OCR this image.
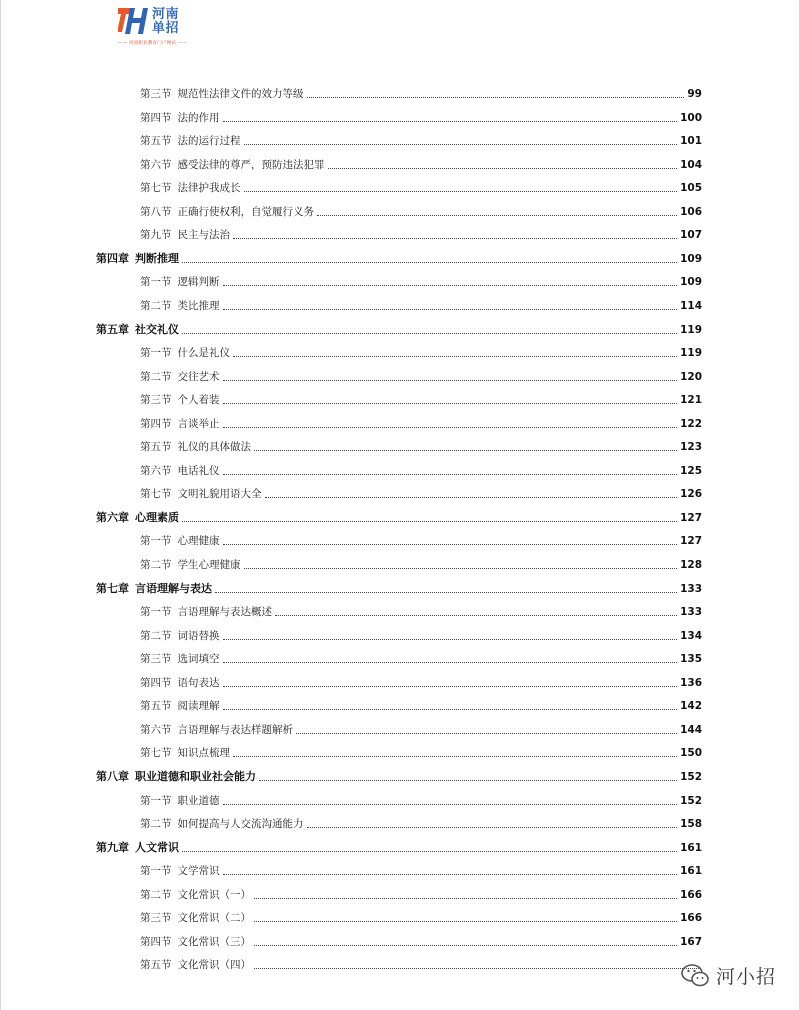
河南
单招
—— 河南职业教育门户网站 ——
第三节 规范性法律文件的效力等级	99
第四节 法的作用	100
第五节 法的运行过程	101
第六节 感受法律的尊严，预防违法犯罪	104
第七节 法律护我成长	105
第八节 正确行使权利，自觉履行义务	106
第九节 民主与法治	107
第四章 判断推理	109
第一节 逻辑判断	109
第二节 类比推理	114
第五章 社交礼仪	119
第一节 什么是礼仪	119
第二节 交往艺术	120
第三节 个人着装	121
第四节 言谈举止	122
第五节 礼仪的具体做法	123
第六节 电话礼仪	125
第七节 文明礼貌用语大全	126
第六章 心理素质	127
第一节 心理健康	127
第二节 学生心理健康	128
第七章 言语理解与表达	133
第一节 言语理解与表达概述	133
第二节 词语替换	134
第三节 选词填空	135
第四节 语句表达	136
第五节 阅读理解	142
第六节 言语理解与表达样题解析	144
第七节 知识点梳理	150
第八章 职业道德和职业社会能力	152
第一节 职业道德	152
第二节 如何提高与人交流沟通能力	158
第九章 人文常识	161
第一节 文学常识	161
第二节 文化常识（一）	166
第三节 文化常识（二）	166
第四节 文化常识（三）	167
第五节 文化常识（四）
河小招
